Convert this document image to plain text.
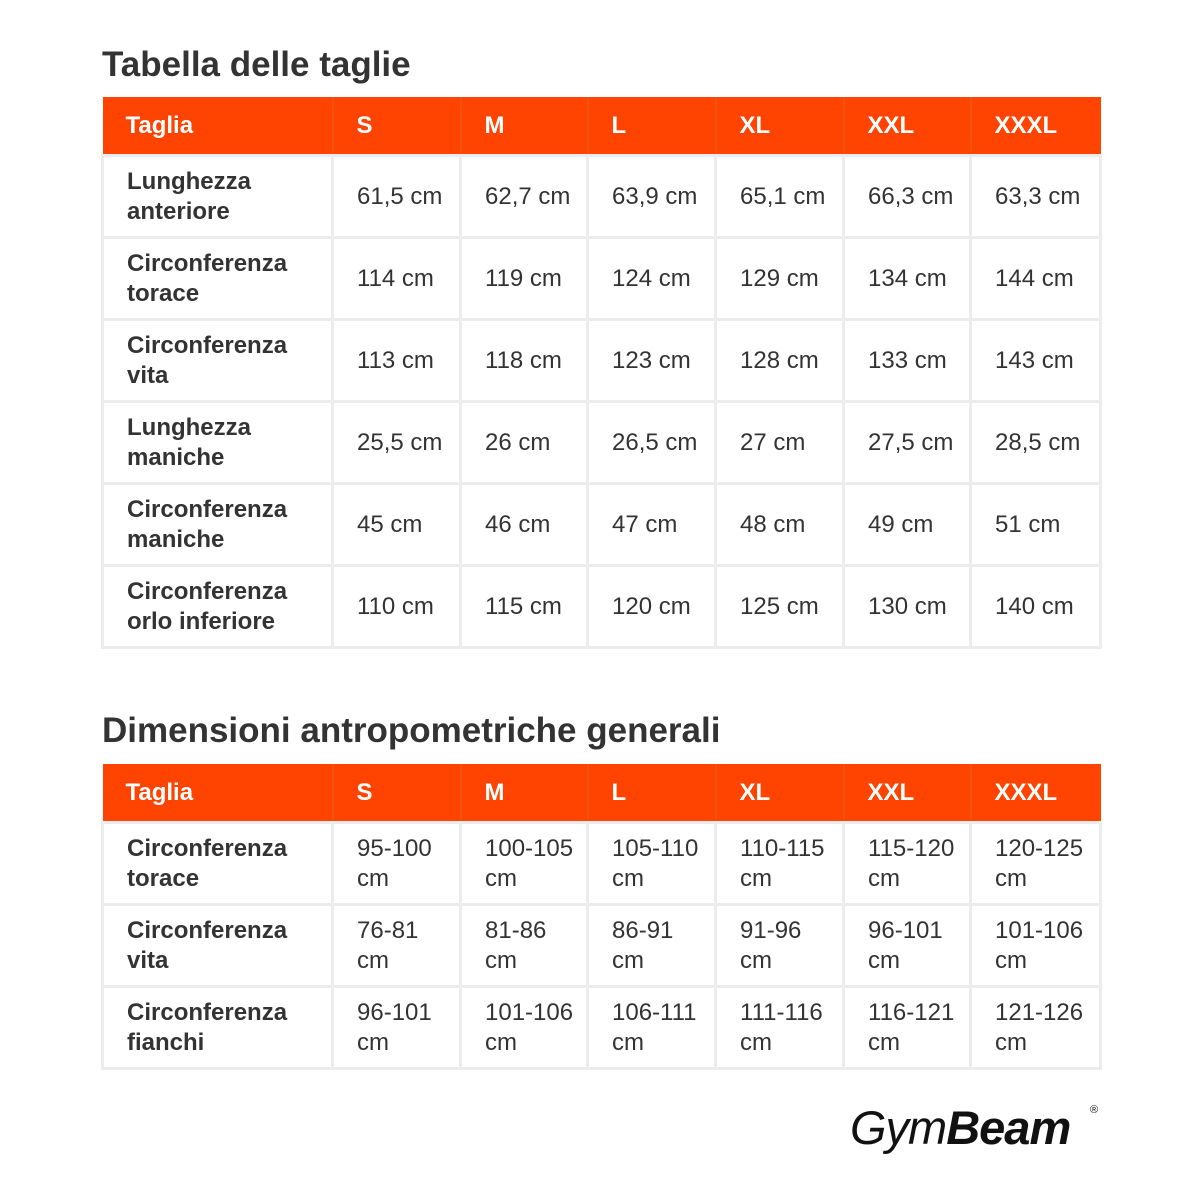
Tabella delle taglie
Taglia	S	M	L	XL	XXL	XXXL
Lunghezza anteriore	61,5 cm	62,7 cm	63,9 cm	65,1 cm	66,3 cm	63,3 cm
Circonferenza torace	114 cm	119 cm	124 cm	129 cm	134 cm	144 cm
Circonferenza vita	113 cm	118 cm	123 cm	128 cm	133 cm	143 cm
Lunghezza maniche	25,5 cm	26 cm	26,5 cm	27 cm	27,5 cm	28,5 cm
Circonferenza maniche	45 cm	46 cm	47 cm	48 cm	49 cm	51 cm
Circonferenza orlo inferiore	110 cm	115 cm	120 cm	125 cm	130 cm	140 cm
Dimensioni antropometriche generali
Taglia	S	M	L	XL	XXL	XXXL
Circonferenza torace	95-100 cm	100-105 cm	105-110 cm	110-115 cm	115-120 cm	120-125 cm
Circonferenza vita	76-81 cm	81-86 cm	86-91 cm	91-96 cm	96-101 cm	101-106 cm
Circonferenza fianchi	96-101 cm	101-106 cm	106-111 cm	111-116 cm	116-121 cm	121-126 cm
GymBeam ®
